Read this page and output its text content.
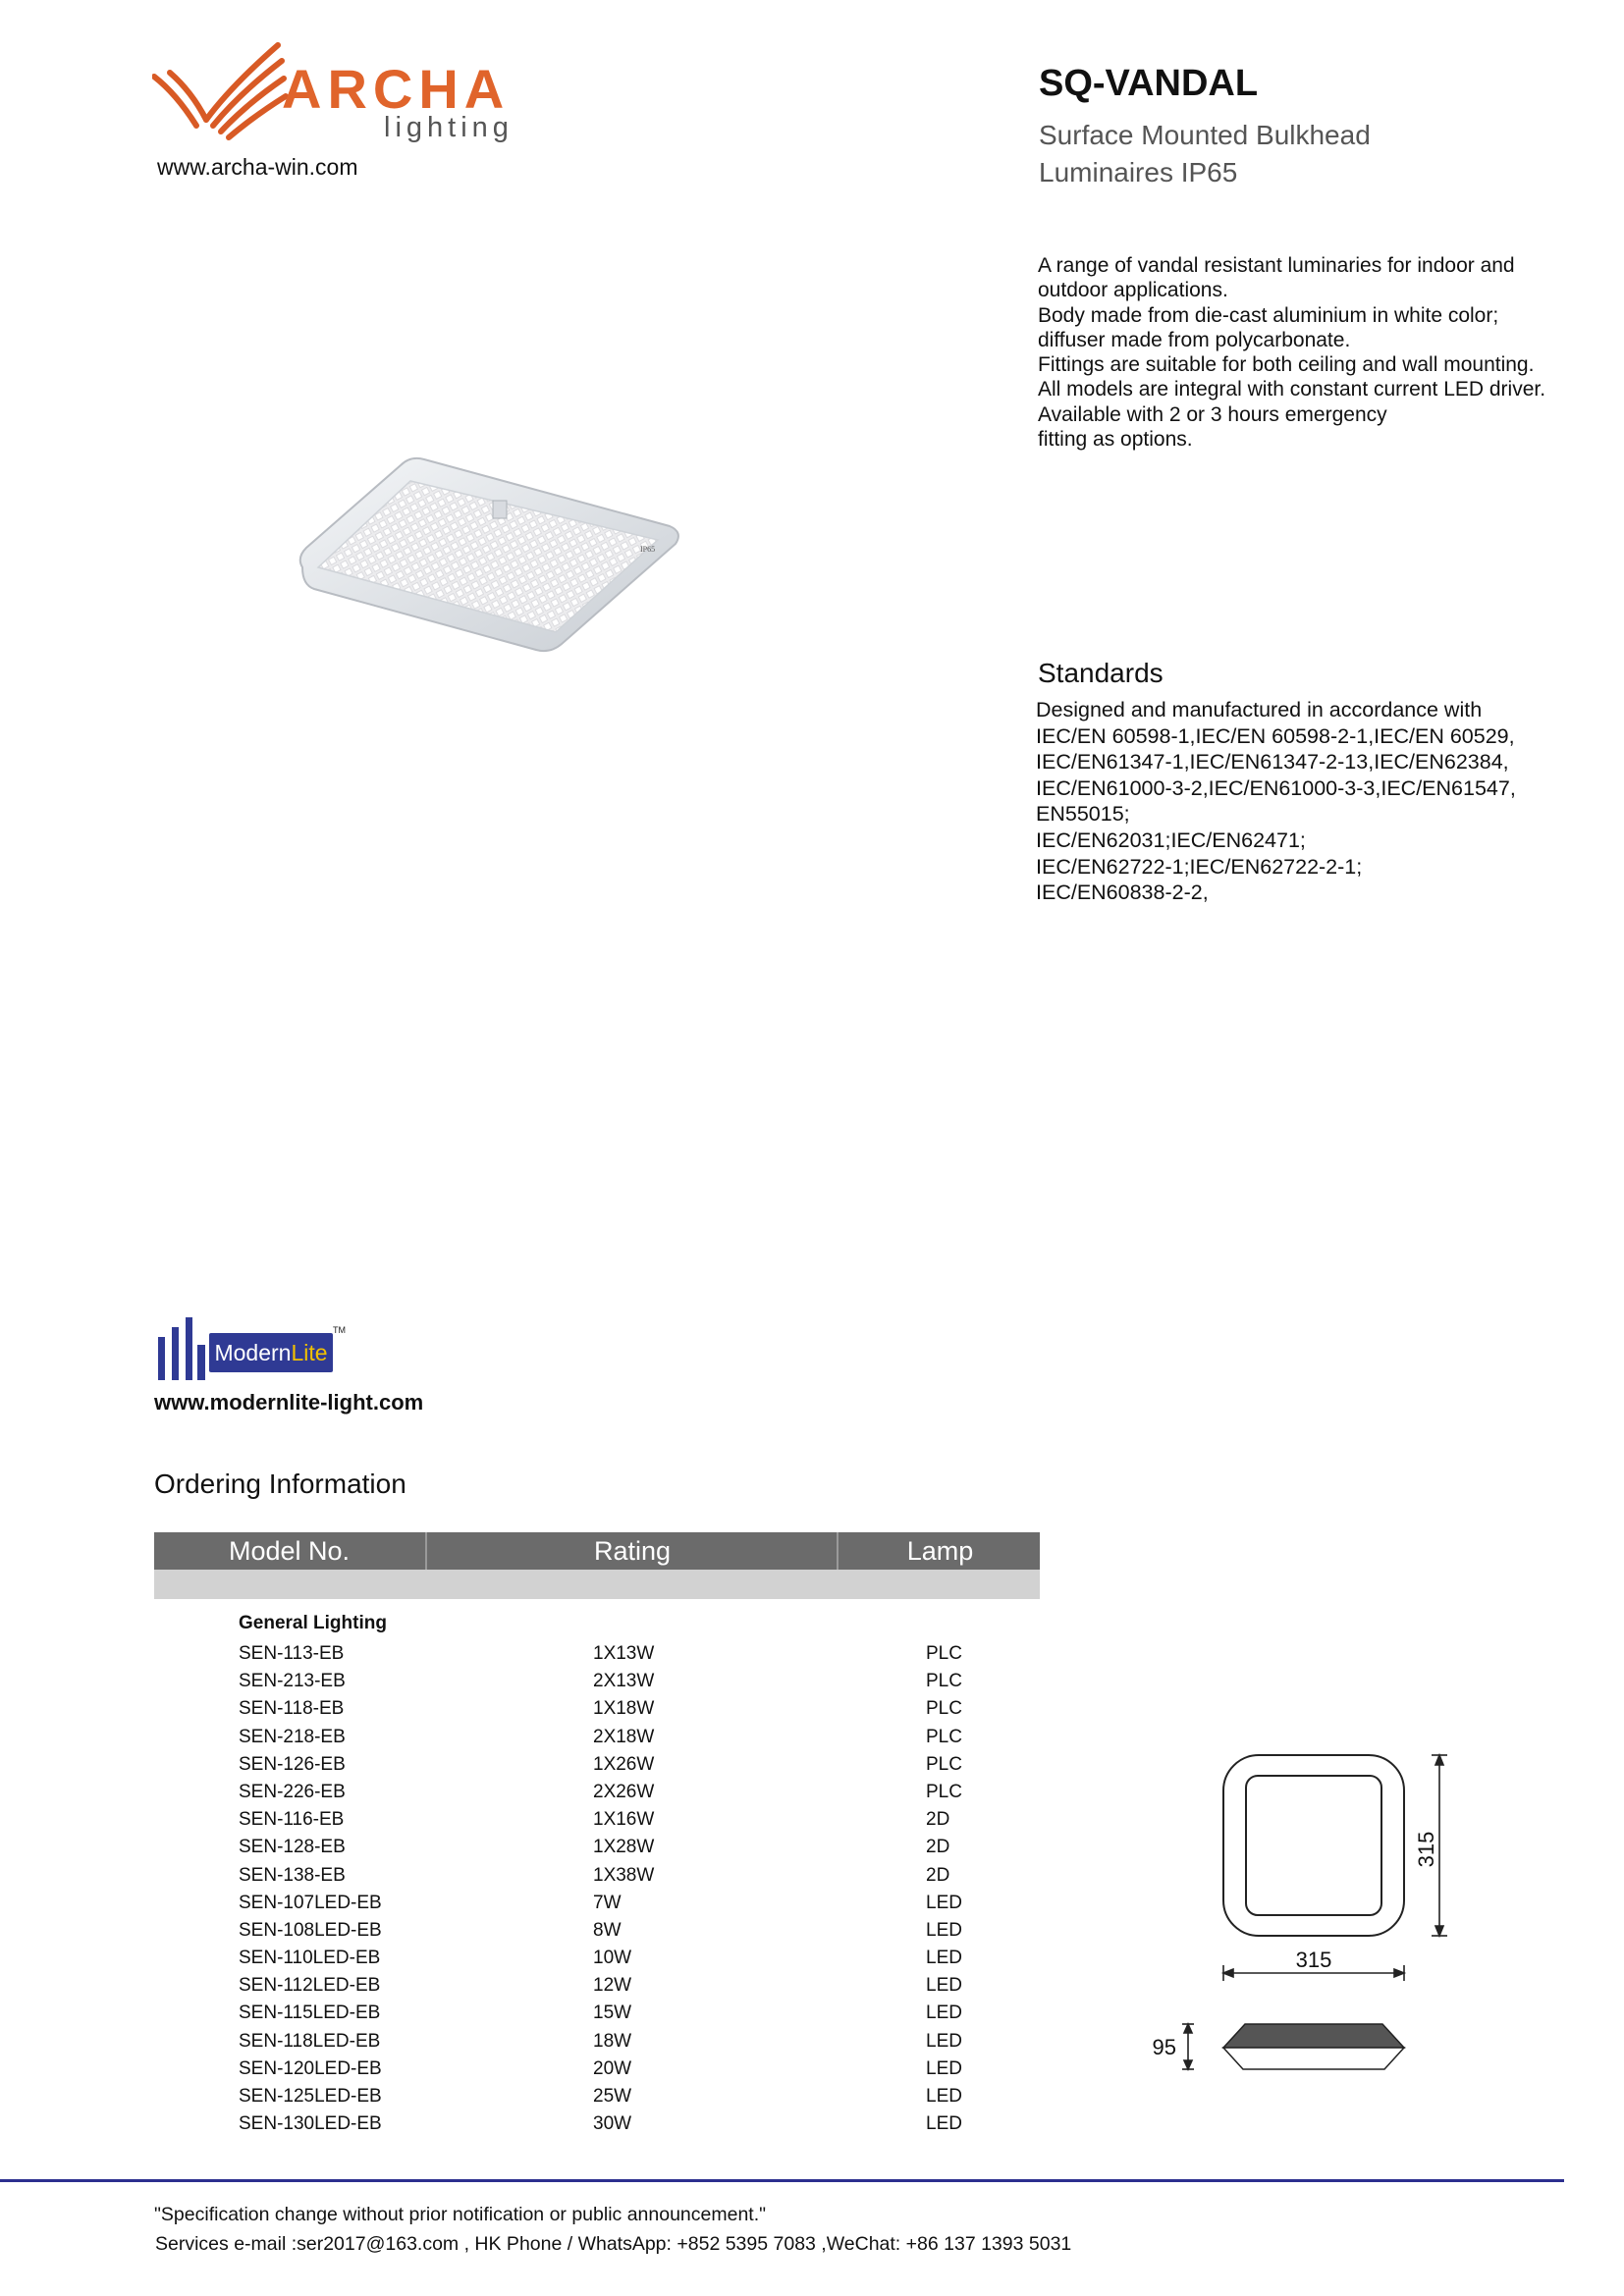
ARCHA
lighting
www.archa-win.com
SQ-VANDAL
Surface Mounted Bulkhead
Luminaires IP65
A range of vandal resistant luminaries for indoor and
outdoor applications.
Body made from die-cast aluminium in white color;
diffuser made from polycarbonate.
Fittings are suitable for both ceiling and wall mounting.
All models are integral with constant current LED driver.
Available with 2 or 3 hours emergency
fitting as options.
IP65
Standards
Designed and manufactured in accordance with
IEC/EN 60598-1,IEC/EN 60598-2-1,IEC/EN 60529,
IEC/EN61347-1,IEC/EN61347-2-13,IEC/EN62384,
IEC/EN61000-3-2,IEC/EN61000-3-3,IEC/EN61547,
EN55015;
IEC/EN62031;IEC/EN62471;
IEC/EN62722-1;IEC/EN62722-2-1;
IEC/EN60838-2-2,
ModernLite
TM
www.modernlite-light.com
Ordering Information
Model No.	Rating	Lamp
General Lighting
SEN-113-EB	1X13W	PLC
SEN-213-EB	2X13W	PLC
SEN-118-EB	1X18W	PLC
SEN-218-EB	2X18W	PLC
SEN-126-EB	1X26W	PLC
SEN-226-EB	2X26W	PLC
SEN-116-EB	1X16W	2D
SEN-128-EB	1X28W	2D
SEN-138-EB	1X38W	2D
SEN-107LED-EB	7W	LED
SEN-108LED-EB	8W	LED
SEN-110LED-EB	10W	LED
SEN-112LED-EB	12W	LED
SEN-115LED-EB	15W	LED
SEN-118LED-EB	18W	LED
SEN-120LED-EB	20W	LED
SEN-125LED-EB	25W	LED
SEN-130LED-EB	30W	LED
315
315
95
"Specification change without prior notification or public announcement."
Services e-mail :ser2017@163.com , HK Phone / WhatsApp: +852 5395 7083 ,WeChat: +86 137 1393 5031
